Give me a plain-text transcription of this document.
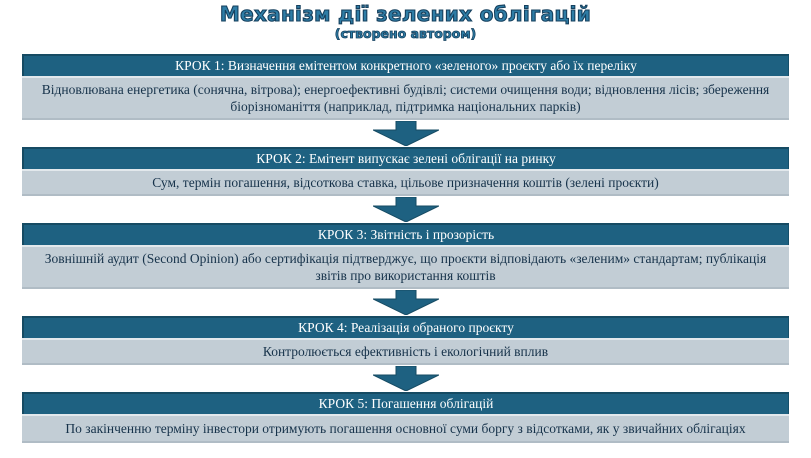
Механізм дії зелених облігацій
(створено автором)
КРОК 1: Визначення емітентом конкретного «зеленого» проєкту або їх переліку
Відновлювана енергетика (сонячна, вітрова); енергоефективні будівлі; системи очищення води; відновлення лісів; збереження біорізноманіття (наприклад, підтримка національних парків)
КРОК 2: Емітент випускає зелені облігації на ринку
Сум, термін погашення, відсоткова ставка, цільове призначення коштів (зелені проєкти)
КРОК 3: Звітність і прозорість
Зовнішній аудит (Second Opinion) або сертифікація підтверджує, що проєкти відповідають «зеленим» стандартам; публікація звітів про використання коштів
КРОК 4: Реалізація обраного проєкту
Контролюється ефективність і екологічний вплив
КРОК 5: Погашення облігацій
По закінченню терміну інвестори отримують погашення основної суми боргу з відсотками, як у звичайних облігаціях
